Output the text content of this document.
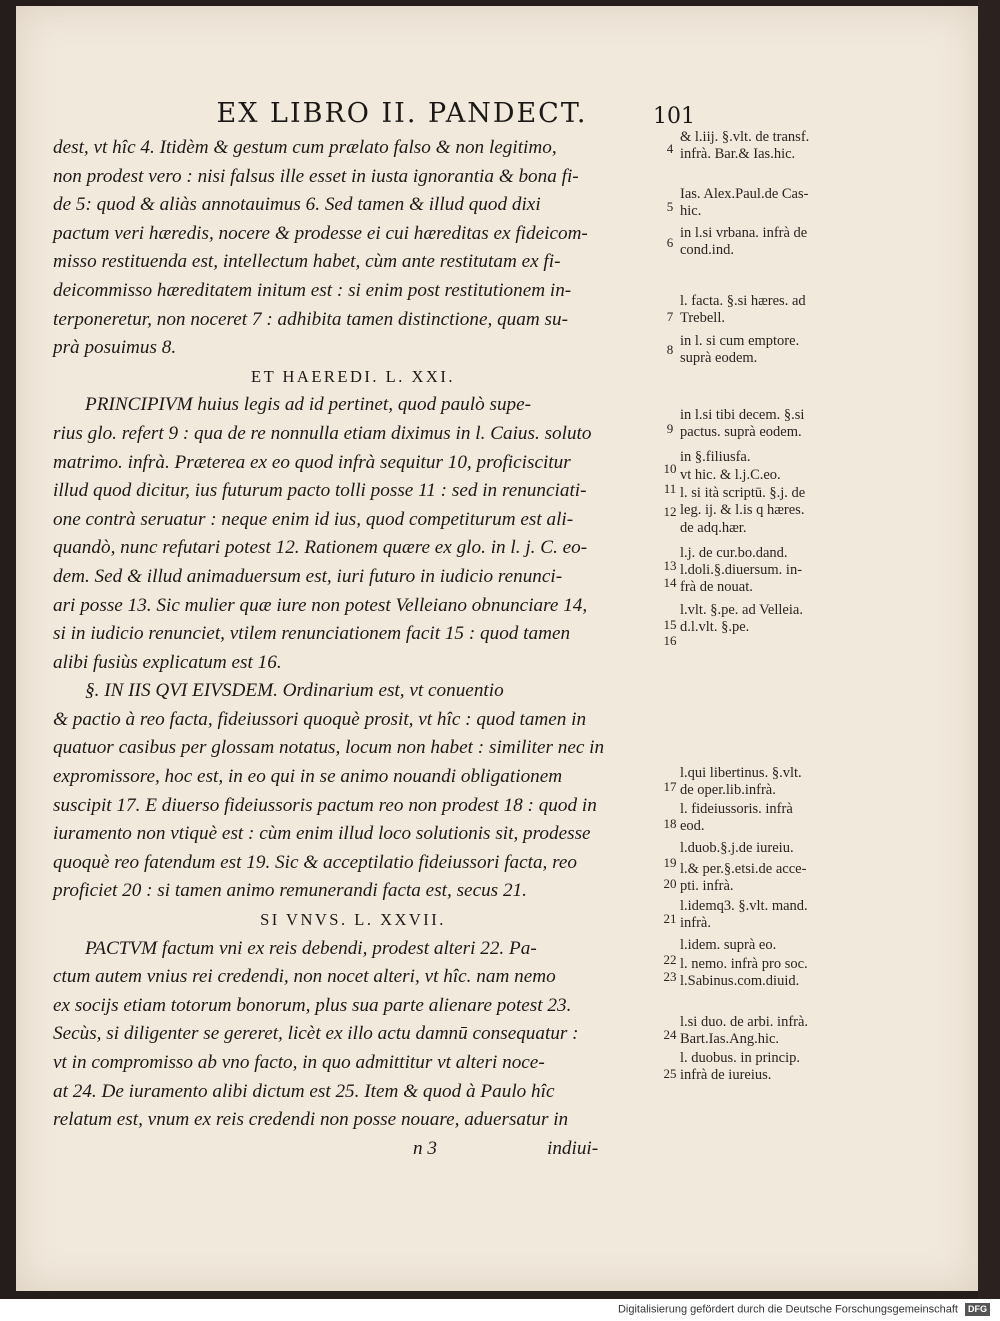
EX LIBRO II. PANDECT.	101
dest, vt hîc 4. Itidèm & gestum cum prælato falso & non legitimo,
non prodest vero : nisi falsus ille esset in iusta ignorantia & bona fi-
de 5: quod & aliàs annotauimus 6. Sed tamen & illud quod dixi
pactum veri hæredis, nocere & prodesse ei cui hæreditas ex fideicom-
misso restituenda est, intellectum habet, cùm ante restitutam ex fi-
deicommisso hæreditatem initum est : si enim post restitutionem in-
terponeretur, non noceret 7 : adhibita tamen distinctione, quam su-
prà posuimus 8.
ET HAEREDI. L. XXI.
PRINCIPIVM huius legis ad id pertinet, quod paulò supe-
rius glo. refert 9 : qua de re nonnulla etiam diximus in l. Caius. soluto
matrimo. infrà. Præterea ex eo quod infrà sequitur 10, proficiscitur
illud quod dicitur, ius futurum pacto tolli posse 11 : sed in renunciati-
one contrà seruatur : neque enim id ius, quod competiturum est ali-
quandò, nunc refutari potest 12. Rationem quære ex glo. in l. j. C. eo-
dem. Sed & illud animaduersum est, iuri futuro in iudicio renunci-
ari posse 13. Sic mulier quæ iure non potest Velleiano obnunciare 14,
si in iudicio renunciet, vtilem renunciationem facit 15 : quod tamen
alibi fusiùs explicatum est 16.
§. IN IIS QVI EIVSDEM. Ordinarium est, vt conuentio
& pactio à reo facta, fideiussori quoquè prosit, vt hîc : quod tamen in
quatuor casibus per glossam notatus, locum non habet : similiter nec in
expromissore, hoc est, in eo qui in se animo nouandi obligationem
suscipit 17. E diuerso fideiussoris pactum reo non prodest 18 : quod in
iuramento non vtiquè est : cùm enim illud loco solutionis sit, prodesse
quoquè reo fatendum est 19. Sic & acceptilatio fideiussori facta, reo
proficiet 20 : si tamen animo remunerandi facta est, secus 21.
SI VNVS. L. XXVII.
PACTVM factum vni ex reis debendi, prodest alteri 22. Pa-
ctum autem vnius rei credendi, non nocet alteri, vt hîc. nam nemo
ex socijs etiam totorum bonorum, plus sua parte alienare potest 23.
Secùs, si diligenter se gereret, licèt ex illo actu damnū consequatur :
vt in compromisso ab vno facto, in quo admittitur vt alteri noce-
at 24. De iuramento alibi dictum est 25. Item & quod à Paulo hîc
relatum est, vnum ex reis credendi non posse nouare, aduersatur in
n 3	indiui-
4
5
6
7
8
9
10
11
12
13
14
15
16
17
18
19
20
21
22
23
24
25
& l.iij. §.vlt. de transf.
infrà. Bar.& Ias.hic.
Ias. Alex.Paul.de Cas-
hic.
in l.si vrbana. infrà de
cond.ind.
l. facta. §.si hæres. ad
Trebell.
in l. si cum emptore.
suprà eodem.
in l.si tibi decem. §.si
pactus. suprà eodem.
in §.filiusfa.
vt hic. & l.j.C.eo.
l. si ità scriptū. §.j. de
leg. ij. & l.is q hæres.
de adq.hær.
l.j. de cur.bo.dand.
l.doli.§.diuersum. in-
frà de nouat.
l.vlt. §.pe. ad Velleia.
d.l.vlt. §.pe.
l.qui libertinus. §.vlt.
de oper.lib.infrà.
l. fideiussoris. infrà
eod.
l.duob.§.j.de iureiu.
l.& per.§.etsi.de acce-
pti. infrà.
l.idemq3. §.vlt. mand.
infrà.
l.idem. suprà eo.
l. nemo. infrà pro soc.
l.Sabinus.com.diuid.
l.si duo. de arbi. infrà.
Bart.Ias.Ang.hic.
l. duobus. in princip.
infrà de iureius.
Digitalisierung gefördert durch die Deutsche Forschungsgemeinschaft DFG
